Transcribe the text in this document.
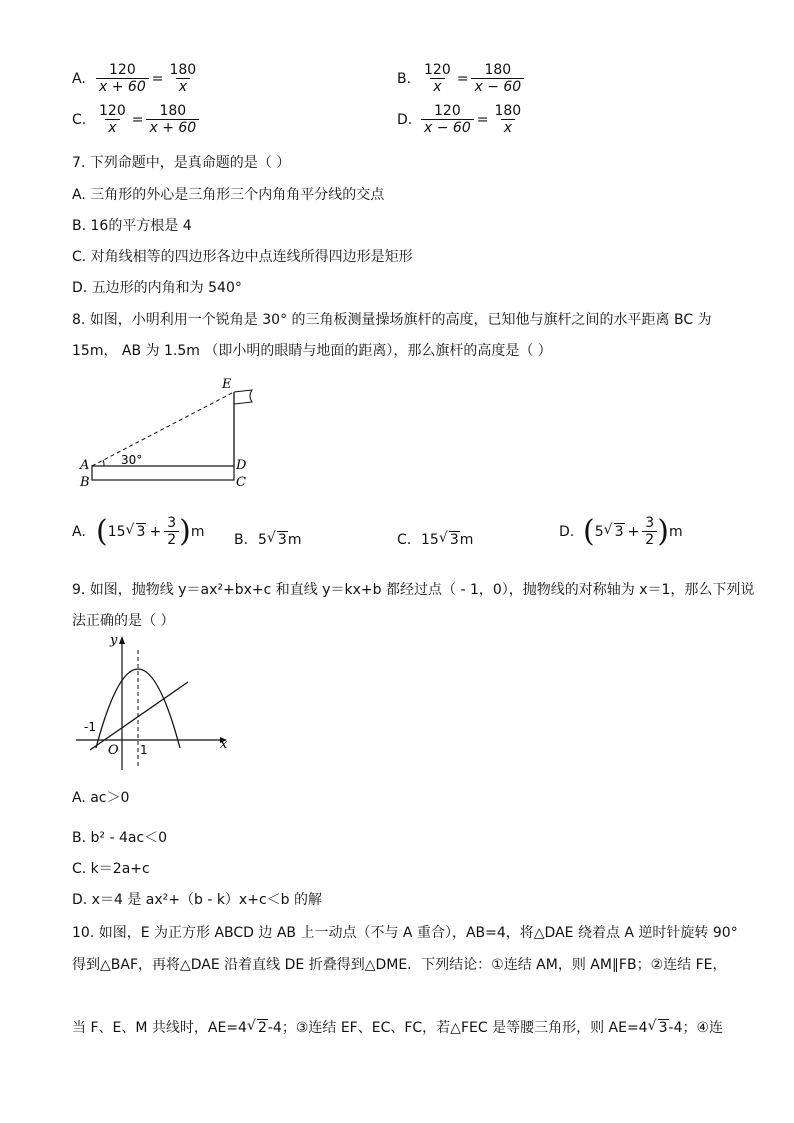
A. $\frac{120}{x + 60} = \frac{180}{x}$	B. $\frac{120}{x} = \frac{180}{x - 60}$
C. $\frac{120}{x} = \frac{180}{x + 60}$	D. $\frac{120}{x - 60} = \frac{180}{x}$
7. 下列命题中，是真命题的是（ ）
A. 三角形的外心是三角形三个内角角平分线的交点
B. 16的平方根是 4
C. 对角线相等的四边形各边中点连线所得四边形是矩形
D. 五边形的内角和为 540°
8. 如图，小明利用一个锐角是 30° 的三角板测量操场旗杆的高度，已知他与旗杆之间的水平距离 BC 为
15m， AB 为 1.5m （即小明的眼睛与地面的距离），那么旗杆的高度是（ ）
E
A
B	C
D
30°
A. ( 15 √ $3 + \frac{3}{2}$ ) m
B. 5 √ 3 m	C. 15 √ 3 m
D. ( 5 √ $3 + \frac{3}{2}$ ) m
9. 如图，抛物线 y＝ax²+bx+c 和直线 y＝kx+b 都经过点（ - 1，0），抛物线的对称轴为 x＝1，那么下列说
法正确的是（ ）
y
x
O
-1
1
A. ac＞0
B. b² - 4ac＜0
C. k＝2a+c
D. x＝4 是 ax²+（b - k）x+c＜b 的解
10. 如图，E 为正方形 ABCD 边 AB 上一动点（不与 A 重合），AB=4，将△DAE 绕着点 A 逆时针旋转 90°
得到△BAF，再将△DAE 沿着直线 DE 折叠得到△DME．下列结论：①连结 AM，则 AM∥FB；②连结 FE，
当 F、E、M 共线时，AE=4 √ 2-4；③连结 EF、EC、FC，若△FEC 是等腰三角形，则 AE=4 √ 3-4；④连
